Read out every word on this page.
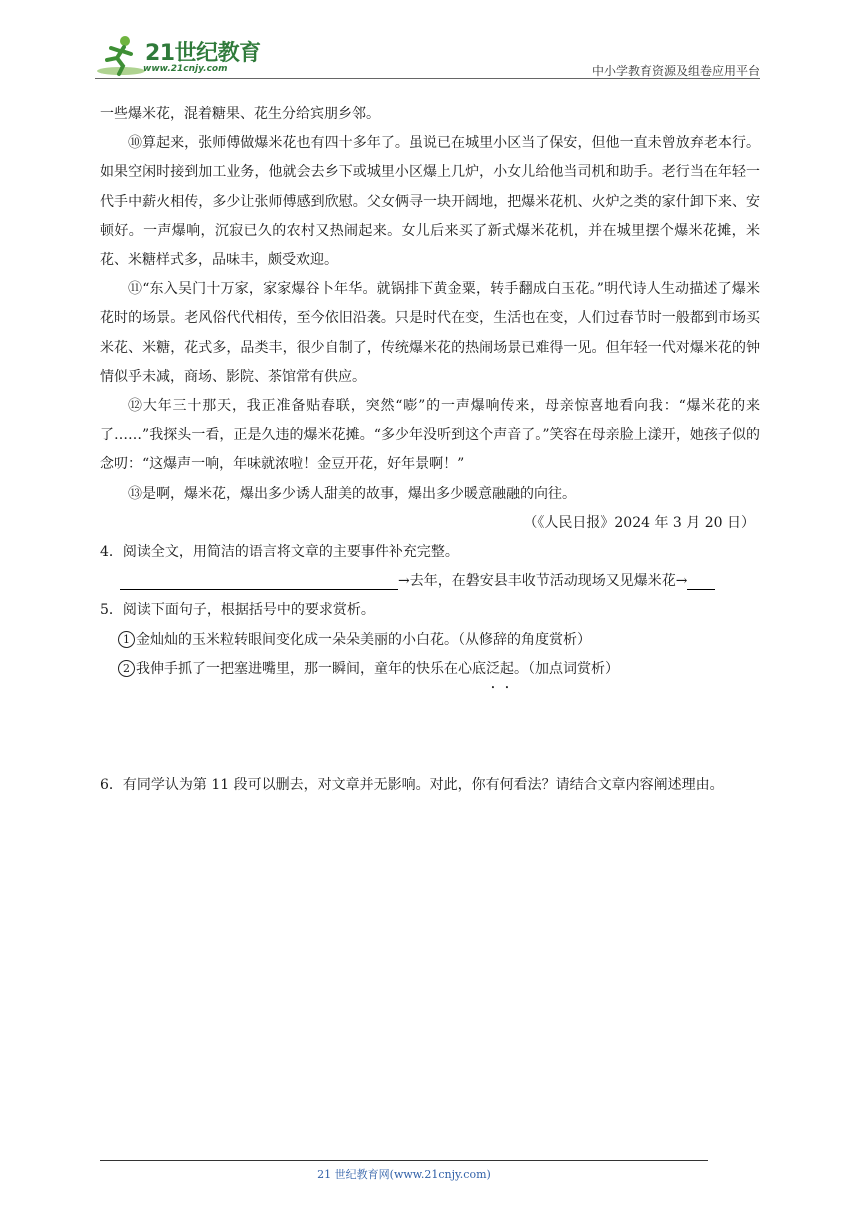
21世纪教育
www.21cnjy.com	中小学教育资源及组卷应用平台

一些爆米花，混着糖果、花生分给宾朋乡邻。

⑩算起来，张师傅做爆米花也有四十多年了。虽说已在城里小区当了保安，但他一直未曾放弃老本行。如果空闲时接到加工业务，他就会去乡下或城里小区爆上几炉，小女儿给他当司机和助手。老行当在年轻一代手中薪火相传，多少让张师傅感到欣慰。父女俩寻一块开阔地，把爆米花机、火炉之类的家什卸下来、安顿好。一声爆响，沉寂已久的农村又热闹起来。女儿后来买了新式爆米花机，并在城里摆个爆米花摊，米花、米糖样式多，品味丰，颇受欢迎。

⑪“东入吴门十万家，家家爆谷卜年华。就锅排下黄金粟，转手翻成白玉花。”明代诗人生动描述了爆米花时的场景。老风俗代代相传，至今依旧沿袭。只是时代在变，生活也在变，人们过春节时一般都到市场买米花、米糖，花式多，品类丰，很少自制了，传统爆米花的热闹场景已难得一见。但年轻一代对爆米花的钟情似乎未减，商场、影院、茶馆常有供应。

⑫大年三十那天，我正准备贴春联，突然“嘭”的一声爆响传来，母亲惊喜地看向我：“爆米花的来了……”我探头一看，正是久违的爆米花摊。“多少年没听到这个声音了。”笑容在母亲脸上漾开，她孩子似的念叨：“这爆声一响，年味就浓啦！金豆开花，好年景啊！”

⑬是啊，爆米花，爆出多少诱人甜美的故事，爆出多少暖意融融的向往。

（《人民日报》2024 年 3 月 20 日）

4．阅读全文，用简洁的语言将文章的主要事件补充完整。

→去年，在磐安县丰收节活动现场又见爆米花→

5．阅读下面句子，根据括号中的要求赏析。

1 金灿灿的玉米粒转眼间变化成一朵朵美丽的小白花。（从修辞的角度赏析）

2 我伸手抓了一把塞进嘴里，那一瞬间，童年的快乐在心底泛起。（加点词赏析）

6．有同学认为第 11 段可以删去，对文章并无影响。对此，你有何看法？请结合文章内容阐述理由。

21 世纪教育网(www.21cnjy.com)
